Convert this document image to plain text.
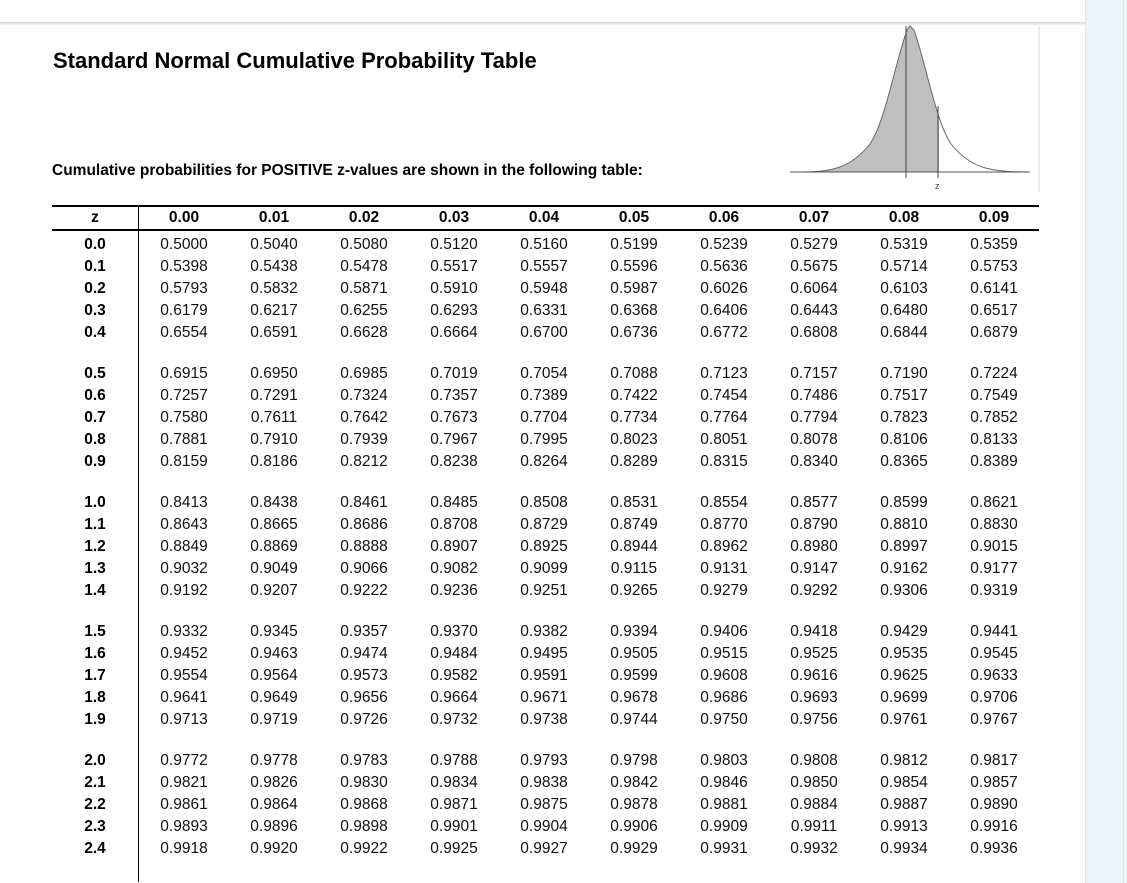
Standard Normal Cumulative Probability Table
Cumulative probabilities for POSITIVE z-values are shown in the following table:
z
z	0.00	0.01	0.02	0.03	0.04	0.05	0.06	0.07	0.08	0.09

0.0	0.5000	0.5040	0.5080	0.5120	0.5160	0.5199	0.5239	0.5279	0.5319	0.5359
0.1	0.5398	0.5438	0.5478	0.5517	0.5557	0.5596	0.5636	0.5675	0.5714	0.5753
0.2	0.5793	0.5832	0.5871	0.5910	0.5948	0.5987	0.6026	0.6064	0.6103	0.6141
0.3	0.6179	0.6217	0.6255	0.6293	0.6331	0.6368	0.6406	0.6443	0.6480	0.6517
0.4	0.6554	0.6591	0.6628	0.6664	0.6700	0.6736	0.6772	0.6808	0.6844	0.6879

0.5	0.6915	0.6950	0.6985	0.7019	0.7054	0.7088	0.7123	0.7157	0.7190	0.7224
0.6	0.7257	0.7291	0.7324	0.7357	0.7389	0.7422	0.7454	0.7486	0.7517	0.7549
0.7	0.7580	0.7611	0.7642	0.7673	0.7704	0.7734	0.7764	0.7794	0.7823	0.7852
0.8	0.7881	0.7910	0.7939	0.7967	0.7995	0.8023	0.8051	0.8078	0.8106	0.8133
0.9	0.8159	0.8186	0.8212	0.8238	0.8264	0.8289	0.8315	0.8340	0.8365	0.8389

1.0	0.8413	0.8438	0.8461	0.8485	0.8508	0.8531	0.8554	0.8577	0.8599	0.8621
1.1	0.8643	0.8665	0.8686	0.8708	0.8729	0.8749	0.8770	0.8790	0.8810	0.8830
1.2	0.8849	0.8869	0.8888	0.8907	0.8925	0.8944	0.8962	0.8980	0.8997	0.9015
1.3	0.9032	0.9049	0.9066	0.9082	0.9099	0.9115	0.9131	0.9147	0.9162	0.9177
1.4	0.9192	0.9207	0.9222	0.9236	0.9251	0.9265	0.9279	0.9292	0.9306	0.9319

1.5	0.9332	0.9345	0.9357	0.9370	0.9382	0.9394	0.9406	0.9418	0.9429	0.9441
1.6	0.9452	0.9463	0.9474	0.9484	0.9495	0.9505	0.9515	0.9525	0.9535	0.9545
1.7	0.9554	0.9564	0.9573	0.9582	0.9591	0.9599	0.9608	0.9616	0.9625	0.9633
1.8	0.9641	0.9649	0.9656	0.9664	0.9671	0.9678	0.9686	0.9693	0.9699	0.9706
1.9	0.9713	0.9719	0.9726	0.9732	0.9738	0.9744	0.9750	0.9756	0.9761	0.9767

2.0	0.9772	0.9778	0.9783	0.9788	0.9793	0.9798	0.9803	0.9808	0.9812	0.9817
2.1	0.9821	0.9826	0.9830	0.9834	0.9838	0.9842	0.9846	0.9850	0.9854	0.9857
2.2	0.9861	0.9864	0.9868	0.9871	0.9875	0.9878	0.9881	0.9884	0.9887	0.9890
2.3	0.9893	0.9896	0.9898	0.9901	0.9904	0.9906	0.9909	0.9911	0.9913	0.9916
2.4	0.9918	0.9920	0.9922	0.9925	0.9927	0.9929	0.9931	0.9932	0.9934	0.9936
